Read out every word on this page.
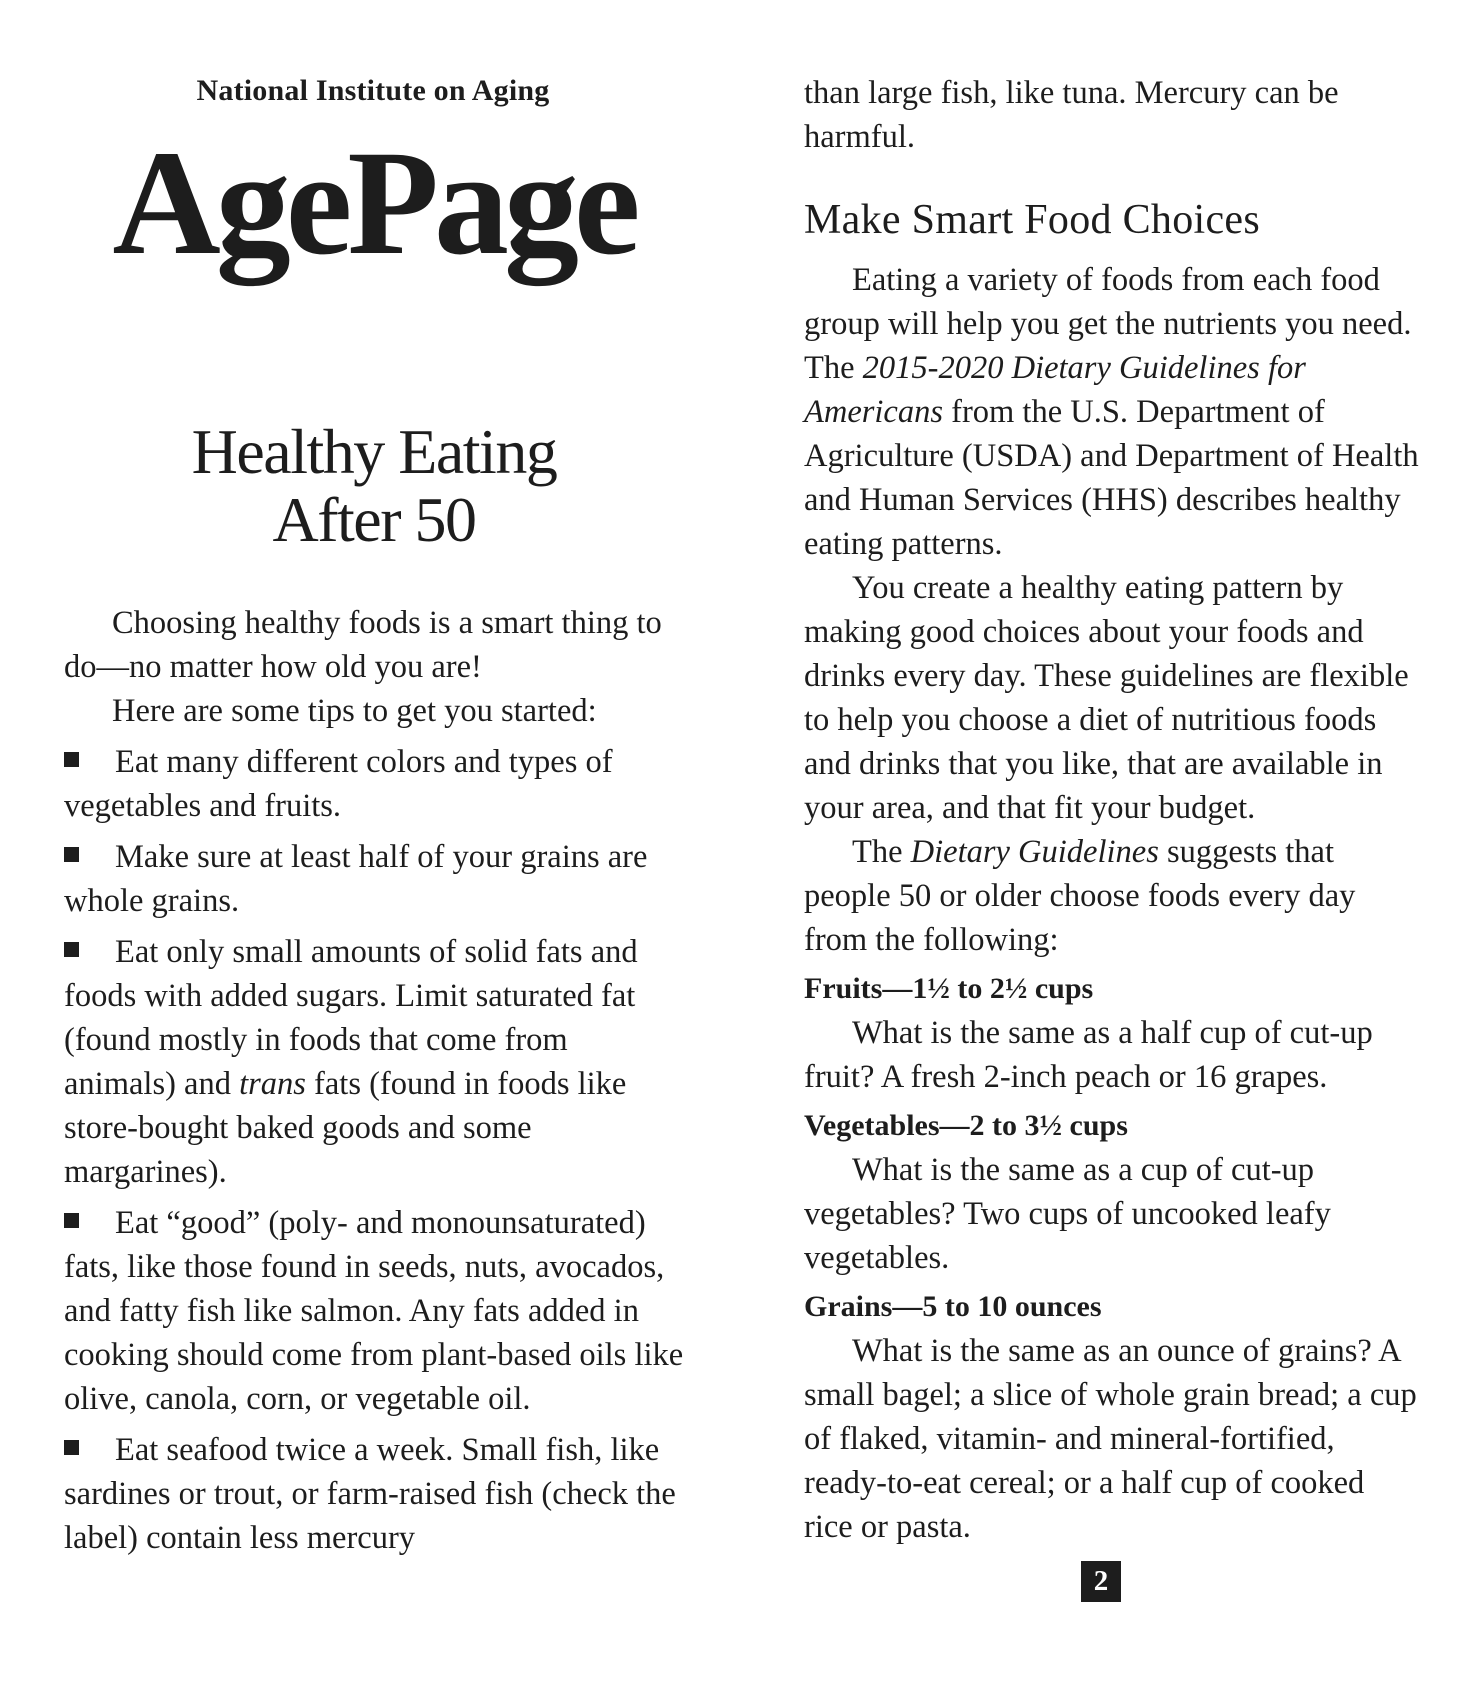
National Institute on Aging
AgePage
Healthy Eating
After 50

Choosing healthy foods is a smart thing to do—no matter how old you are!

Here are some tips to get you started:

Eat many different colors and types of vegetables and fruits.

Make sure at least half of your grains are whole grains.

Eat only small amounts of solid fats and foods with added sugars. Limit saturated fat (found mostly in foods that come from animals) and trans fats (found in foods like store-bought baked goods and some margarines).

Eat “good” (poly- and monounsaturated) fats, like those found in seeds, nuts, avocados, and fatty fish like salmon. Any fats added in cooking should come from plant-based oils like olive, canola, corn, or vegetable oil.

Eat seafood twice a week. Small fish, like sardines or trout, or farm-raised fish (check the label) contain less mercury

than large fish, like tuna. Mercury can be harmful.

Make Smart Food Choices

Eating a variety of foods from each food group will help you get the nutrients you need. The 2015-2020 Dietary Guidelines for Americans from the U.S. Department of Agriculture (USDA) and Department of Health and Human Services (HHS) describes healthy eating patterns.

You create a healthy eating pattern by making good choices about your foods and drinks every day. These guidelines are flexible to help you choose a diet of nutritious foods and drinks that you like, that are available in your area, and that fit your budget.

The Dietary Guidelines suggests that people 50 or older choose foods every day from the following:

Fruits—1½ to 2½ cups

What is the same as a half cup of cut-up fruit? A fresh 2-inch peach or 16 grapes.

Vegetables—2 to 3½ cups

What is the same as a cup of cut-up vegetables? Two cups of uncooked leafy vegetables.

Grains—5 to 10 ounces

What is the same as an ounce of grains? A small bagel; a slice of whole grain bread; a cup of flaked, vitamin- and mineral-fortified, ready-to-eat cereal; or a half cup of cooked rice or pasta.

2
